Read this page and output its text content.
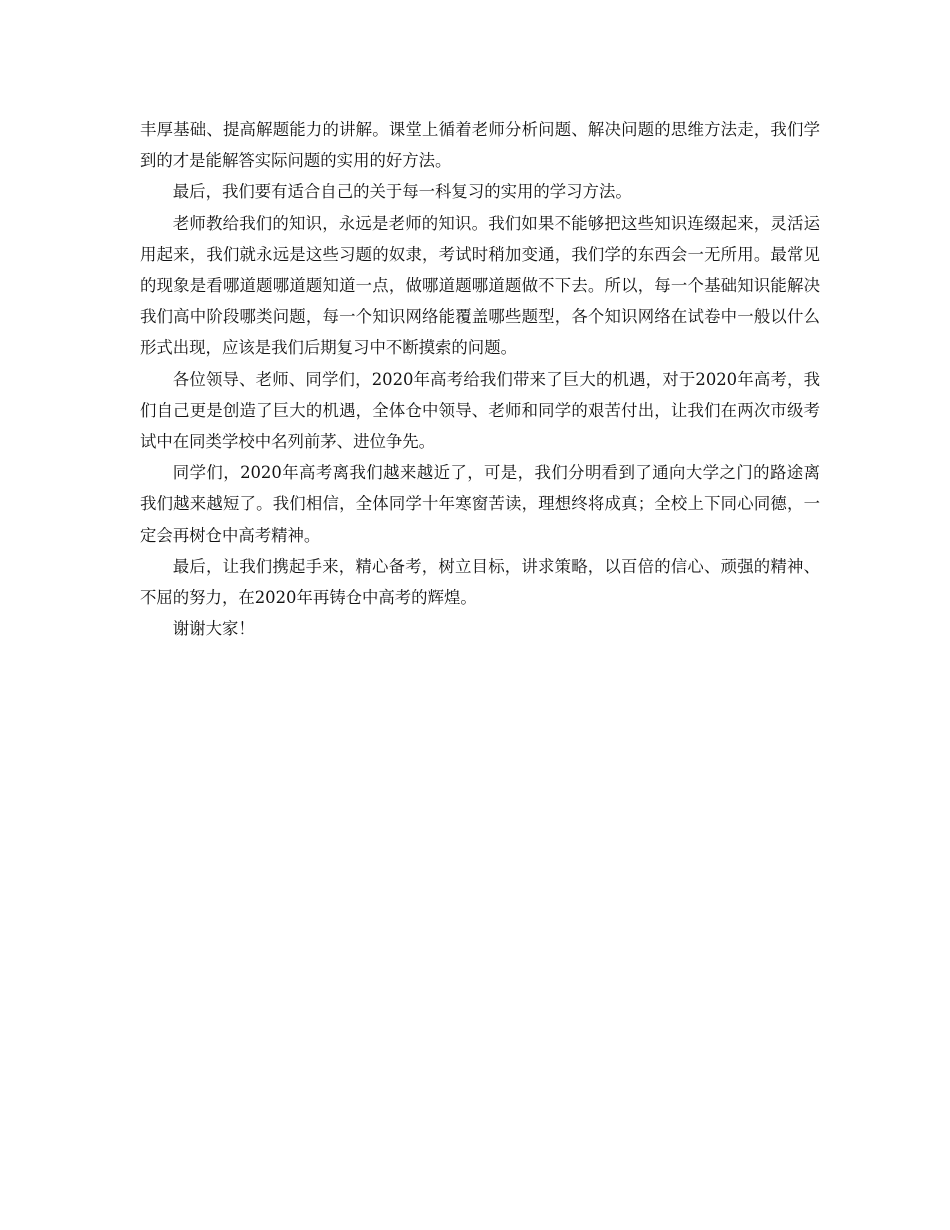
丰厚基础、提高解题能力的讲解。课堂上循着老师分析问题、解决问题的思维方法走，我们学到的才是能解答实际问题的实用的好方法。

最后，我们要有适合自己的关于每一科复习的实用的学习方法。

老师教给我们的知识，永远是老师的知识。我们如果不能够把这些知识连缀起来，灵活运用起来，我们就永远是这些习题的奴隶，考试时稍加变通，我们学的东西会一无所用。最常见的现象是看哪道题哪道题知道一点，做哪道题哪道题做不下去。所以，每一个基础知识能解决我们高中阶段哪类问题，每一个知识网络能覆盖哪些题型，各个知识网络在试卷中一般以什么形式出现，应该是我们后期复习中不断摸索的问题。

各位领导、老师、同学们，2020年高考给我们带来了巨大的机遇，对于2020年高考，我们自己更是创造了巨大的机遇，全体仓中领导、老师和同学的艰苦付出，让我们在两次市级考试中在同类学校中名列前茅、进位争先。

同学们，2020年高考离我们越来越近了，可是，我们分明看到了通向大学之门的路途离我们越来越短了。我们相信，全体同学十年寒窗苦读，理想终将成真；全校上下同心同德，一定会再树仓中高考精神。

最后，让我们携起手来，精心备考，树立目标，讲求策略，以百倍的信心、顽强的精神、不屈的努力，在2020年再铸仓中高考的辉煌。

谢谢大家！
